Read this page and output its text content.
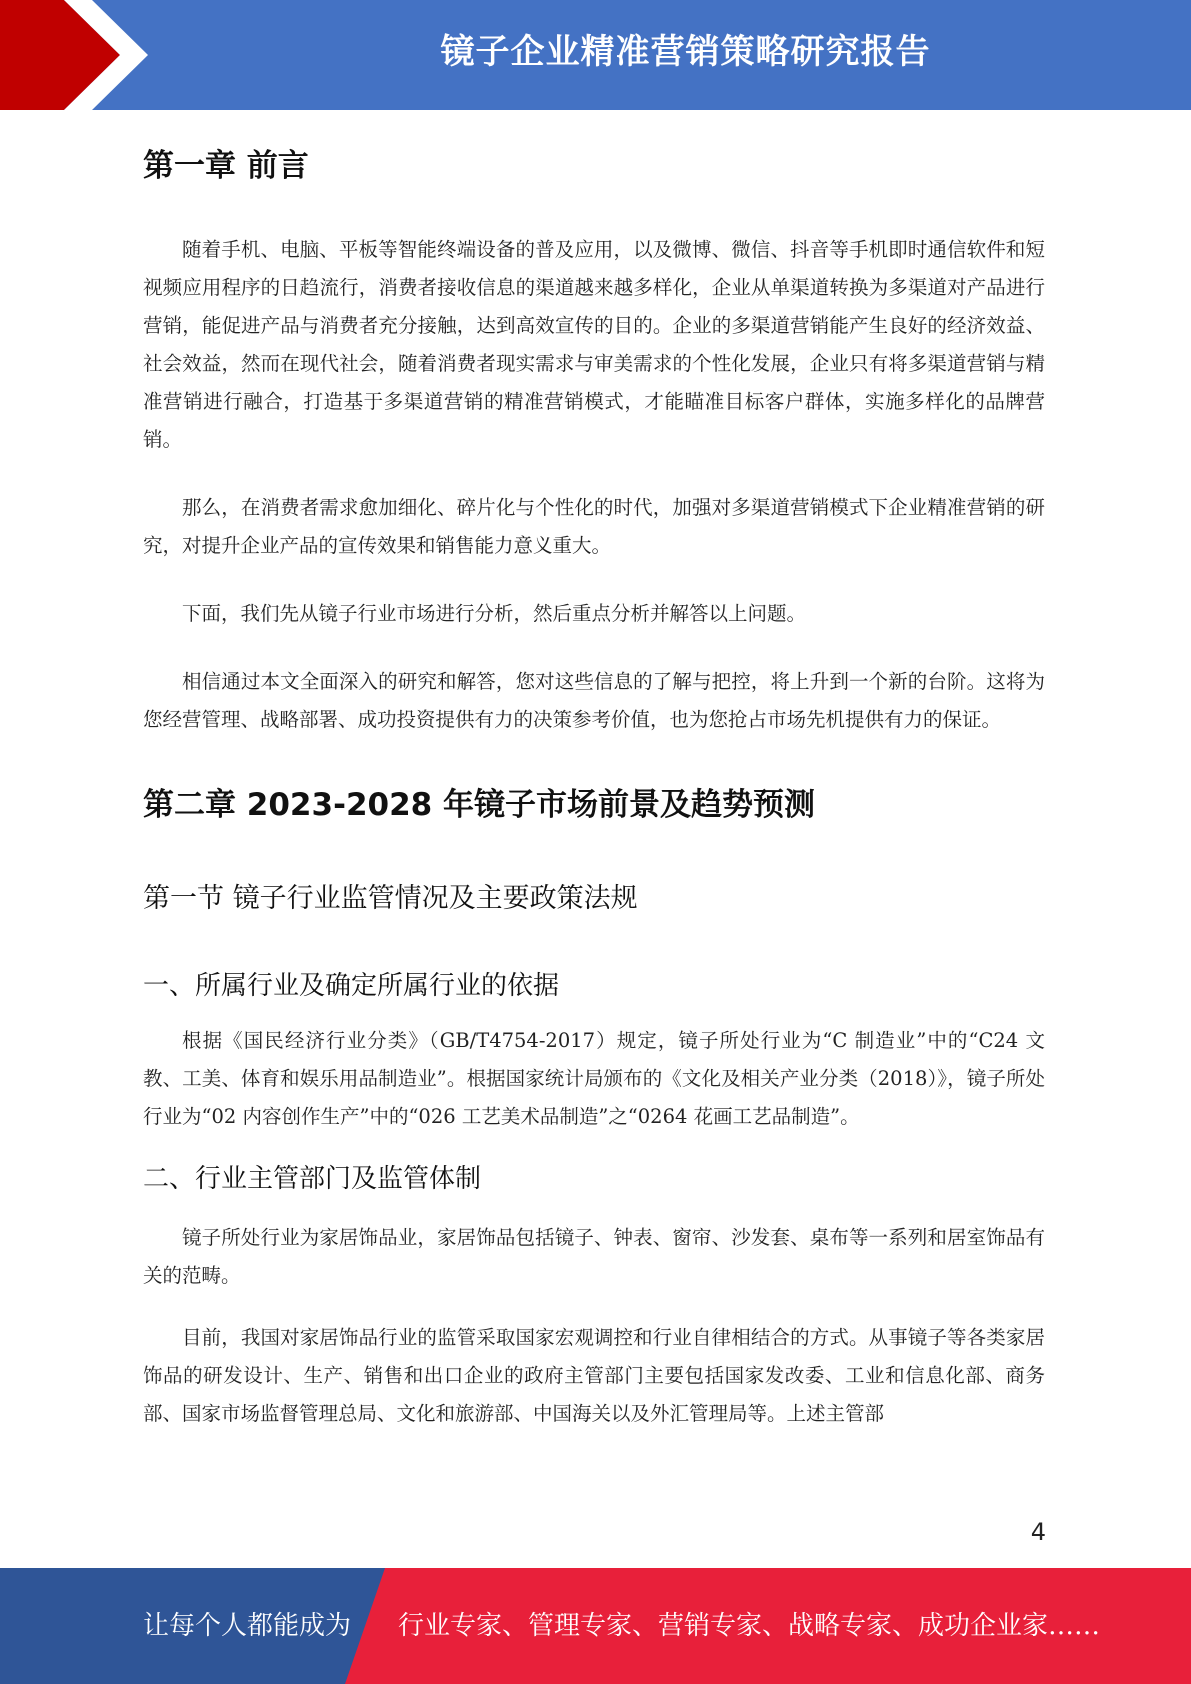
镜子企业精准营销策略研究报告
第一章 前言

随着手机、电脑、平板等智能终端设备的普及应用，以及微博、微信、抖音等手机即时通信软件和短视频应用程序的日趋流行，消费者接收信息的渠道越来越多样化，企业从单渠道转换为多渠道对产品进行营销，能促进产品与消费者充分接触，达到高效宣传的目的。企业的多渠道营销能产生良好的经济效益、社会效益，然而在现代社会，随着消费者现实需求与审美需求的个性化发展，企业只有将多渠道营销与精准营销进行融合，打造基于多渠道营销的精准营销模式，才能瞄准目标客户群体，实施多样化的品牌营销。

那么，在消费者需求愈加细化、碎片化与个性化的时代，加强对多渠道营销模式下企业精准营销的研究，对提升企业产品的宣传效果和销售能力意义重大。

下面，我们先从镜子行业市场进行分析，然后重点分析并解答以上问题。

相信通过本文全面深入的研究和解答，您对这些信息的了解与把控，将上升到一个新的台阶。这将为您经营管理、战略部署、成功投资提供有力的决策参考价值，也为您抢占市场先机提供有力的保证。

第二章 2023-2028 年镜子市场前景及趋势预测
第一节 镜子行业监管情况及主要政策法规
一、所属行业及确定所属行业的依据

根据《国民经济行业分类》（GB/T4754-2017）规定，镜子所处行业为“C 制造业”中的“C24 文教、工美、体育和娱乐用品制造业”。根据国家统计局颁布的《文化及相关产业分类（2018）》，镜子所处行业为“02 内容创作生产”中的“026 工艺美术品制造”之“0264 花画工艺品制造”。

二、行业主管部门及监管体制

镜子所处行业为家居饰品业，家居饰品包括镜子、钟表、窗帘、沙发套、桌布等一系列和居室饰品有关的范畴。

目前，我国对家居饰品行业的监管采取国家宏观调控和行业自律相结合的方式。从事镜子等各类家居饰品的研发设计、生产、销售和出口企业的政府主管部门主要包括国家发改委、工业和信息化部、商务部、国家市场监督管理总局、文化和旅游部、中国海关以及外汇管理局等。上述主管部

4
让每个人都能成为 行业专家、管理专家、营销专家、战略专家、成功企业家……
